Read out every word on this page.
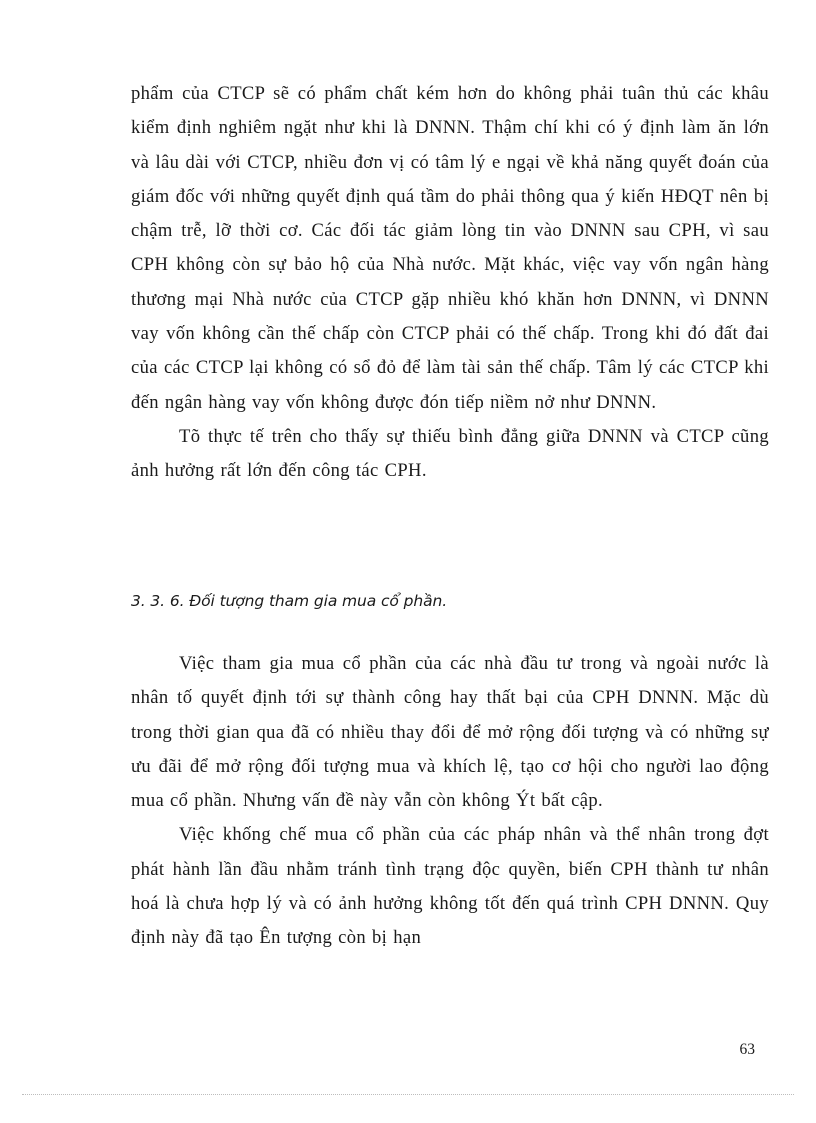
phẩm của CTCP sẽ có phẩm chất kém hơn do không phải tuân thủ các khâu kiểm định nghiêm ngặt như khi là DNNN. Thậm chí khi có ý định làm ăn lớn và lâu dài với CTCP, nhiều đơn vị có tâm lý e ngại về khả năng quyết đoán của giám đốc với những quyết định quá tầm do phải thông qua ý kiến HĐQT nên bị chậm trễ, lỡ thời cơ. Các đối tác giảm lòng tin vào DNNN sau CPH, vì sau CPH không còn sự bảo hộ của Nhà nước. Mặt khác, việc vay vốn ngân hàng thương mại Nhà nước của CTCP gặp nhiều khó khăn hơn DNNN, vì DNNN vay vốn không cần thế chấp còn CTCP phải có thế chấp. Trong khi đó đất đai của các CTCP lại không có sổ đỏ để làm tài sản thế chấp. Tâm lý các CTCP khi đến ngân hàng vay vốn không được đón tiếp niềm nở như DNNN.

Tõ thực tế trên cho thấy sự thiếu bình đẳng giữa DNNN và CTCP cũng ảnh hưởng rất lớn đến công tác CPH.

3. 3. 6. Đối tượng tham gia mua cổ phần.

Việc tham gia mua cổ phần của các nhà đầu tư trong và ngoài nước là nhân tố quyết định tới sự thành công hay thất bại của CPH DNNN. Mặc dù trong thời gian qua đã có nhiều thay đổi để mở rộng đối tượng và có những sự ưu đãi để mở rộng đối tượng mua và khích lệ, tạo cơ hội cho người lao động mua cổ phần. Nhưng vấn đề này vẫn còn không Ýt bất cập.

Việc khống chế mua cổ phần của các pháp nhân và thể nhân trong đợt phát hành lần đầu nhằm tránh tình trạng độc quyền, biến CPH thành tư nhân hoá là chưa hợp lý và có ảnh hưởng không tốt đến quá trình CPH DNNN. Quy định này đã tạo Ên tượng còn bị hạn

63
